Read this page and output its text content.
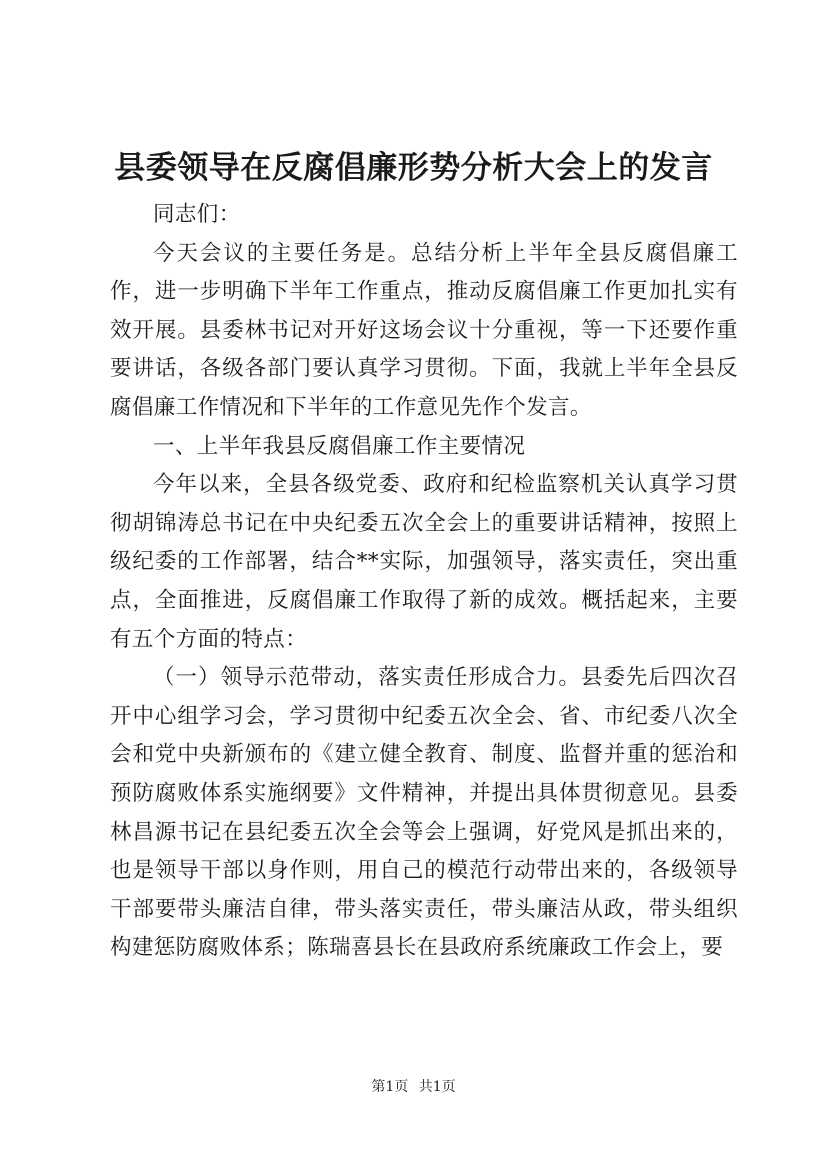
县委领导在反腐倡廉形势分析大会上的发言

同志们：

今天会议的主要任务是。总结分析上半年全县反腐倡廉工作，进一步明确下半年工作重点，推动反腐倡廉工作更加扎实有效开展。县委林书记对开好这场会议十分重视，等一下还要作重要讲话，各级各部门要认真学习贯彻。下面，我就上半年全县反腐倡廉工作情况和下半年的工作意见先作个发言。

一、上半年我县反腐倡廉工作主要情况

今年以来，全县各级党委、政府和纪检监察机关认真学习贯彻胡锦涛总书记在中央纪委五次全会上的重要讲话精神，按照上级纪委的工作部署，结合**实际，加强领导，落实责任，突出重点，全面推进，反腐倡廉工作取得了新的成效。概括起来，主要有五个方面的特点：

（一）领导示范带动，落实责任形成合力。县委先后四次召开中心组学习会，学习贯彻中纪委五次全会、省、市纪委八次全会和党中央新颁布的《建立健全教育、制度、监督并重的惩治和预防腐败体系实施纲要》文件精神，并提出具体贯彻意见。县委林昌源书记在县纪委五次全会等会上强调，好党风是抓出来的，也是领导干部以身作则，用自己的模范行动带出来的，各级领导干部要带头廉洁自律，带头落实责任，带头廉洁从政，带头组织构建惩防腐败体系；陈瑞喜县长在县政府系统廉政工作会上，要

第1页 共1页
